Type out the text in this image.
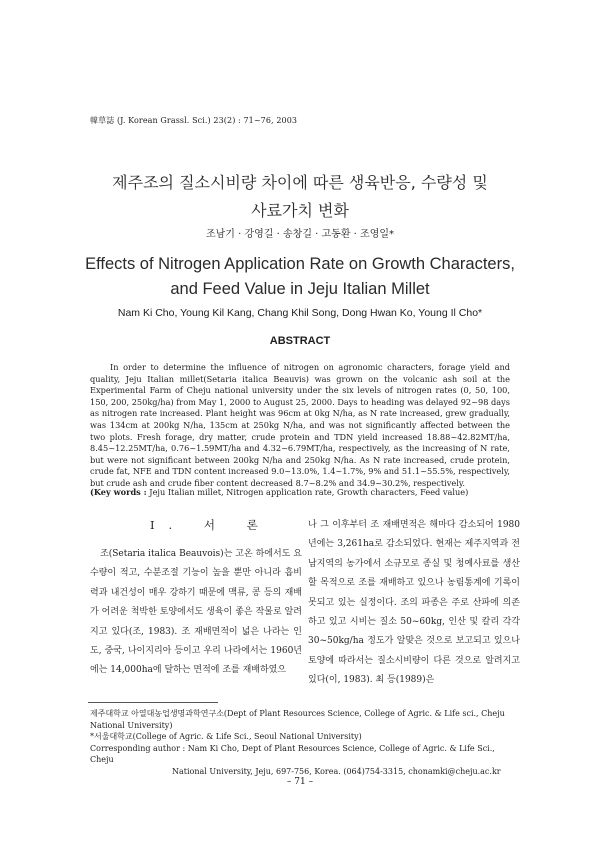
韓草誌 (J. Korean Grassl. Sci.) 23(2) : 71~76, 2003
제주조의 질소시비량 차이에 따른 생육반응, 수량성 및
사료가치 변화
조남기 · 강영길 · 송창길 · 고동환 · 조영일*
Effects of Nitrogen Application Rate on Growth Characters,
and Feed Value in Jeju Italian Millet
Nam Ki Cho, Young Kil Kang, Chang Khil Song, Dong Hwan Ko, Young Il Cho*
ABSTRACT
In order to determine the influence of nitrogen on agronomic characters, forage yield and quality, Jeju Italian millet(Setaria italica Beauvis) was grown on the volcanic ash soil at the Experimental Farm of Cheju national university under the six levels of nitrogen rates (0, 50, 100, 150, 200, 250kg/ha) from May 1, 2000 to August 25, 2000. Days to heading was delayed 92~98 days as nitrogen rate increased. Plant height was 96cm at 0kg N/ha, as N rate increased, grew gradually, was 134cm at 200kg N/ha, 135cm at 250kg N/ha, and was not significantly affected between the two plots. Fresh forage, dry matter, crude protein and TDN yield increased 18.88~42.82MT/ha, 8.45~12.25MT/ha, 0.76~1.59MT/ha and 4.32~6.79MT/ha, respectively, as the increasing of N rate, but were not significant between 200kg N/ha and 250kg N/ha. As N rate increased, crude protein, crude fat, NFE and TDN content increased 9.0~13.0%, 1.4~1.7%, 9% and 51.1~55.5%, respectively, but crude ash and crude fiber content decreased 8.7~8.2% and 34.9~30.2%, respectively.
(Key words : Jeju Italian millet, Nitrogen application rate, Growth characters, Feed value)
I. 서 론

조(Setaria italica Beauvois)는 고온 하에서도 요수량이 적고, 수분조절 기능이 높을 뿐만 아니라 흡비력과 내건성이 매우 강하기 때문에 맥류, 콩 등의 재배가 어려운 척박한 토양에서도 생육이 좋은 작물로 알려지고 있다(조, 1983). 조 재배면적이 넓은 나라는 인도, 중국, 나이지리아 등이고 우리 나라에서는 1960년에는 14,000ha에 달하는 면적에 조를 재배하였으

나 그 이후부터 조 재배면적은 해마다 감소되어 1980년에는 3,261ha로 감소되었다. 현재는 제주지역과 전남지역의 농가에서 소규모로 종실 및 청예사료를 생산할 목적으로 조를 재배하고 있으나 농림통계에 기록이 못되고 있는 실정이다. 조의 파종은 주로 산파에 의존하고 있고 시비는 질소 50~60kg, 인산 및 칼리 각각 30~50kg/ha 정도가 알맞은 것으로 보고되고 있으나 토양에 따라서는 질소시비량이 다른 것으로 알려지고 있다(이, 1983). 최 등(1989)은

제주대학교 아열대농업생명과학연구소(Dept of Plant Resources Science, College of Agric. & Life sci., Cheju National University)

*서울대학교(College of Agric. & Life Sci., Seoul National University)

Corresponding author : Nam Ki Cho, Dept of Plant Resources Science, College of Agric. & Life Sci., Cheju

National University, Jeju, 697-756, Korea. (064)754-3315, chonamki@cheju.ac.kr

– 71 –
